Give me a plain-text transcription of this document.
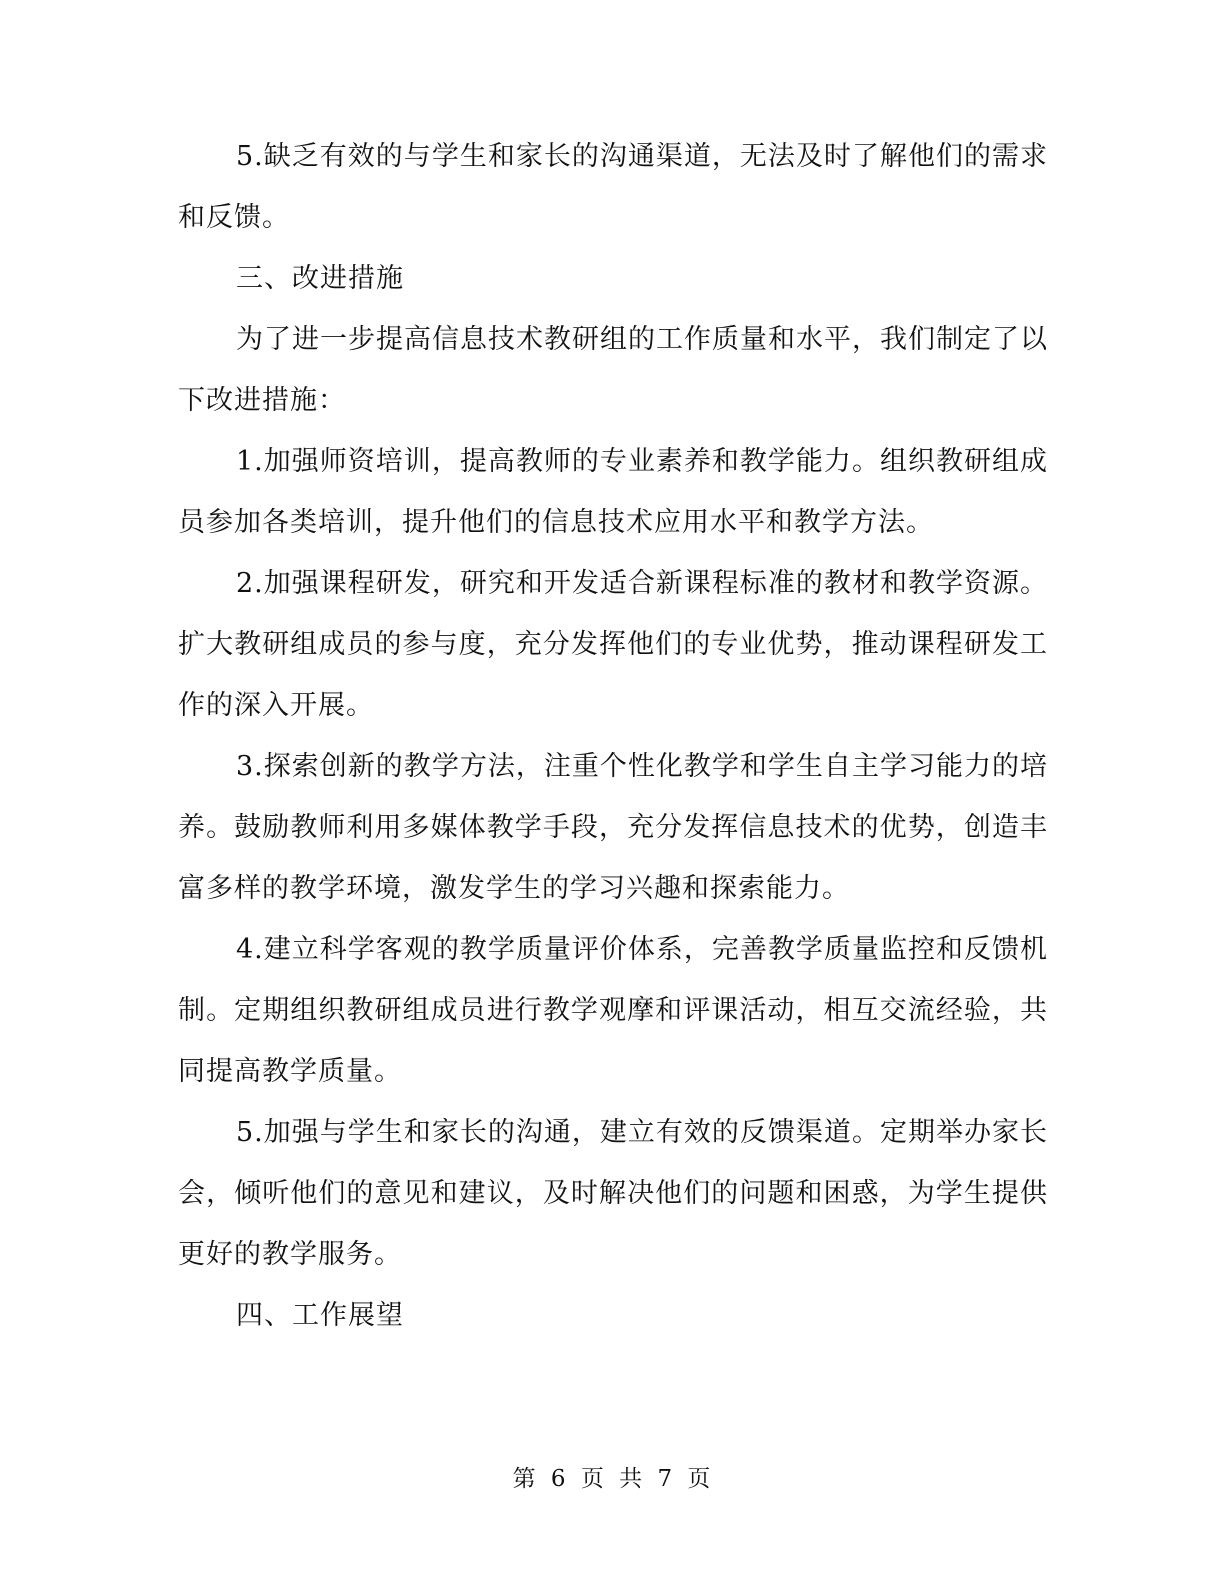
5.缺乏有效的与学生和家长的沟通渠道，无法及时了解他们的需求和反馈。

三、改进措施

为了进一步提高信息技术教研组的工作质量和水平，我们制定了以下改进措施：

1.加强师资培训，提高教师的专业素养和教学能力。组织教研组成员参加各类培训，提升他们的信息技术应用水平和教学方法。

2.加强课程研发，研究和开发适合新课程标准的教材和教学资源。扩大教研组成员的参与度，充分发挥他们的专业优势，推动课程研发工作的深入开展。

3.探索创新的教学方法，注重个性化教学和学生自主学习能力的培养。鼓励教师利用多媒体教学手段，充分发挥信息技术的优势，创造丰富多样的教学环境，激发学生的学习兴趣和探索能力。

4.建立科学客观的教学质量评价体系，完善教学质量监控和反馈机制。定期组织教研组成员进行教学观摩和评课活动，相互交流经验，共同提高教学质量。

5.加强与学生和家长的沟通，建立有效的反馈渠道。定期举办家长会，倾听他们的意见和建议，及时解决他们的问题和困惑，为学生提供更好的教学服务。

四、工作展望

第 6 页 共 7 页
